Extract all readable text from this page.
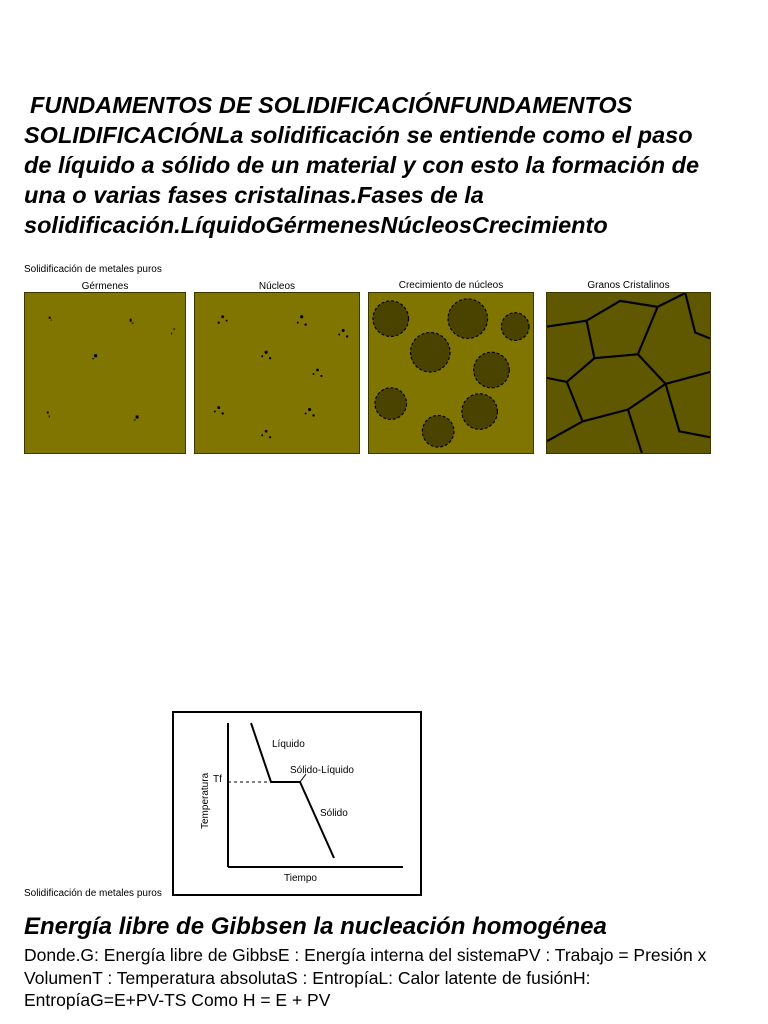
FUNDAMENTOS DE SOLIDIFICACIÓNFUNDAMENTOS SOLIDIFICACIÓNLa solidificación se entiende como el paso de líquido a sólido de un material y con esto la formación de una o varias fases cristalinas.Fases de la solidificación.LíquidoGérmenesNúcleosCrecimiento

Solidificación de metales puros
Gérmenes	Núcleos	Crecimiento de núcleos	Granos Cristalinos
Tf
Líquido
Sólido-Líquido
Sólido
Tiempo
Temperatura
Solidificación de metales puros
Energía libre de Gibbsen la nucleación homogénea

Donde.G: Energía libre de GibbsE : Energía interna del sistemaPV : Trabajo = Presión x VolumenT : Temperatura absolutaS : EntropíaL: Calor latente de fusiónH: EntropíaG=E+PV-TS Como H = E + PV
